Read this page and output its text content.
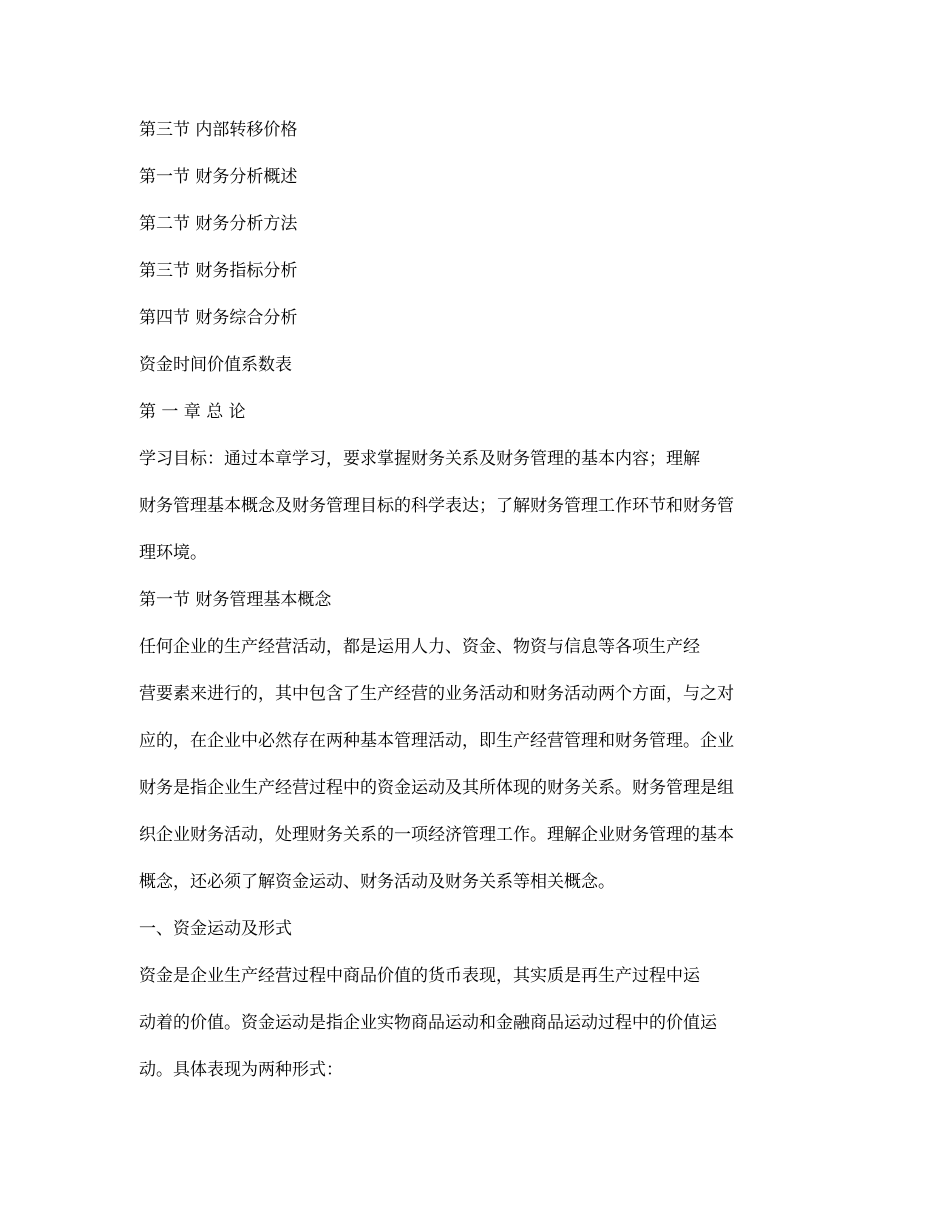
第三节 内部转移价格
第一节 财务分析概述
第二节 财务分析方法
第三节 财务指标分析
第四节 财务综合分析
资金时间价值系数表
第 一 章 总 论
学习目标：通过本章学习，要求掌握财务关系及财务管理的基本内容；理解
财务管理基本概念及财务管理目标的科学表达；了解财务管理工作环节和财务管
理环境。
第一节 财务管理基本概念
任何企业的生产经营活动，都是运用人力、资金、物资与信息等各项生产经
营要素来进行的，其中包含了生产经营的业务活动和财务活动两个方面，与之对
应的，在企业中必然存在两种基本管理活动，即生产经营管理和财务管理。企业
财务是指企业生产经营过程中的资金运动及其所体现的财务关系。财务管理是组
织企业财务活动，处理财务关系的一项经济管理工作。理解企业财务管理的基本
概念，还必须了解资金运动、财务活动及财务关系等相关概念。
一、资金运动及形式
资金是企业生产经营过程中商品价值的货币表现，其实质是再生产过程中运
动着的价值。资金运动是指企业实物商品运动和金融商品运动过程中的价值运
动。具体表现为两种形式：
